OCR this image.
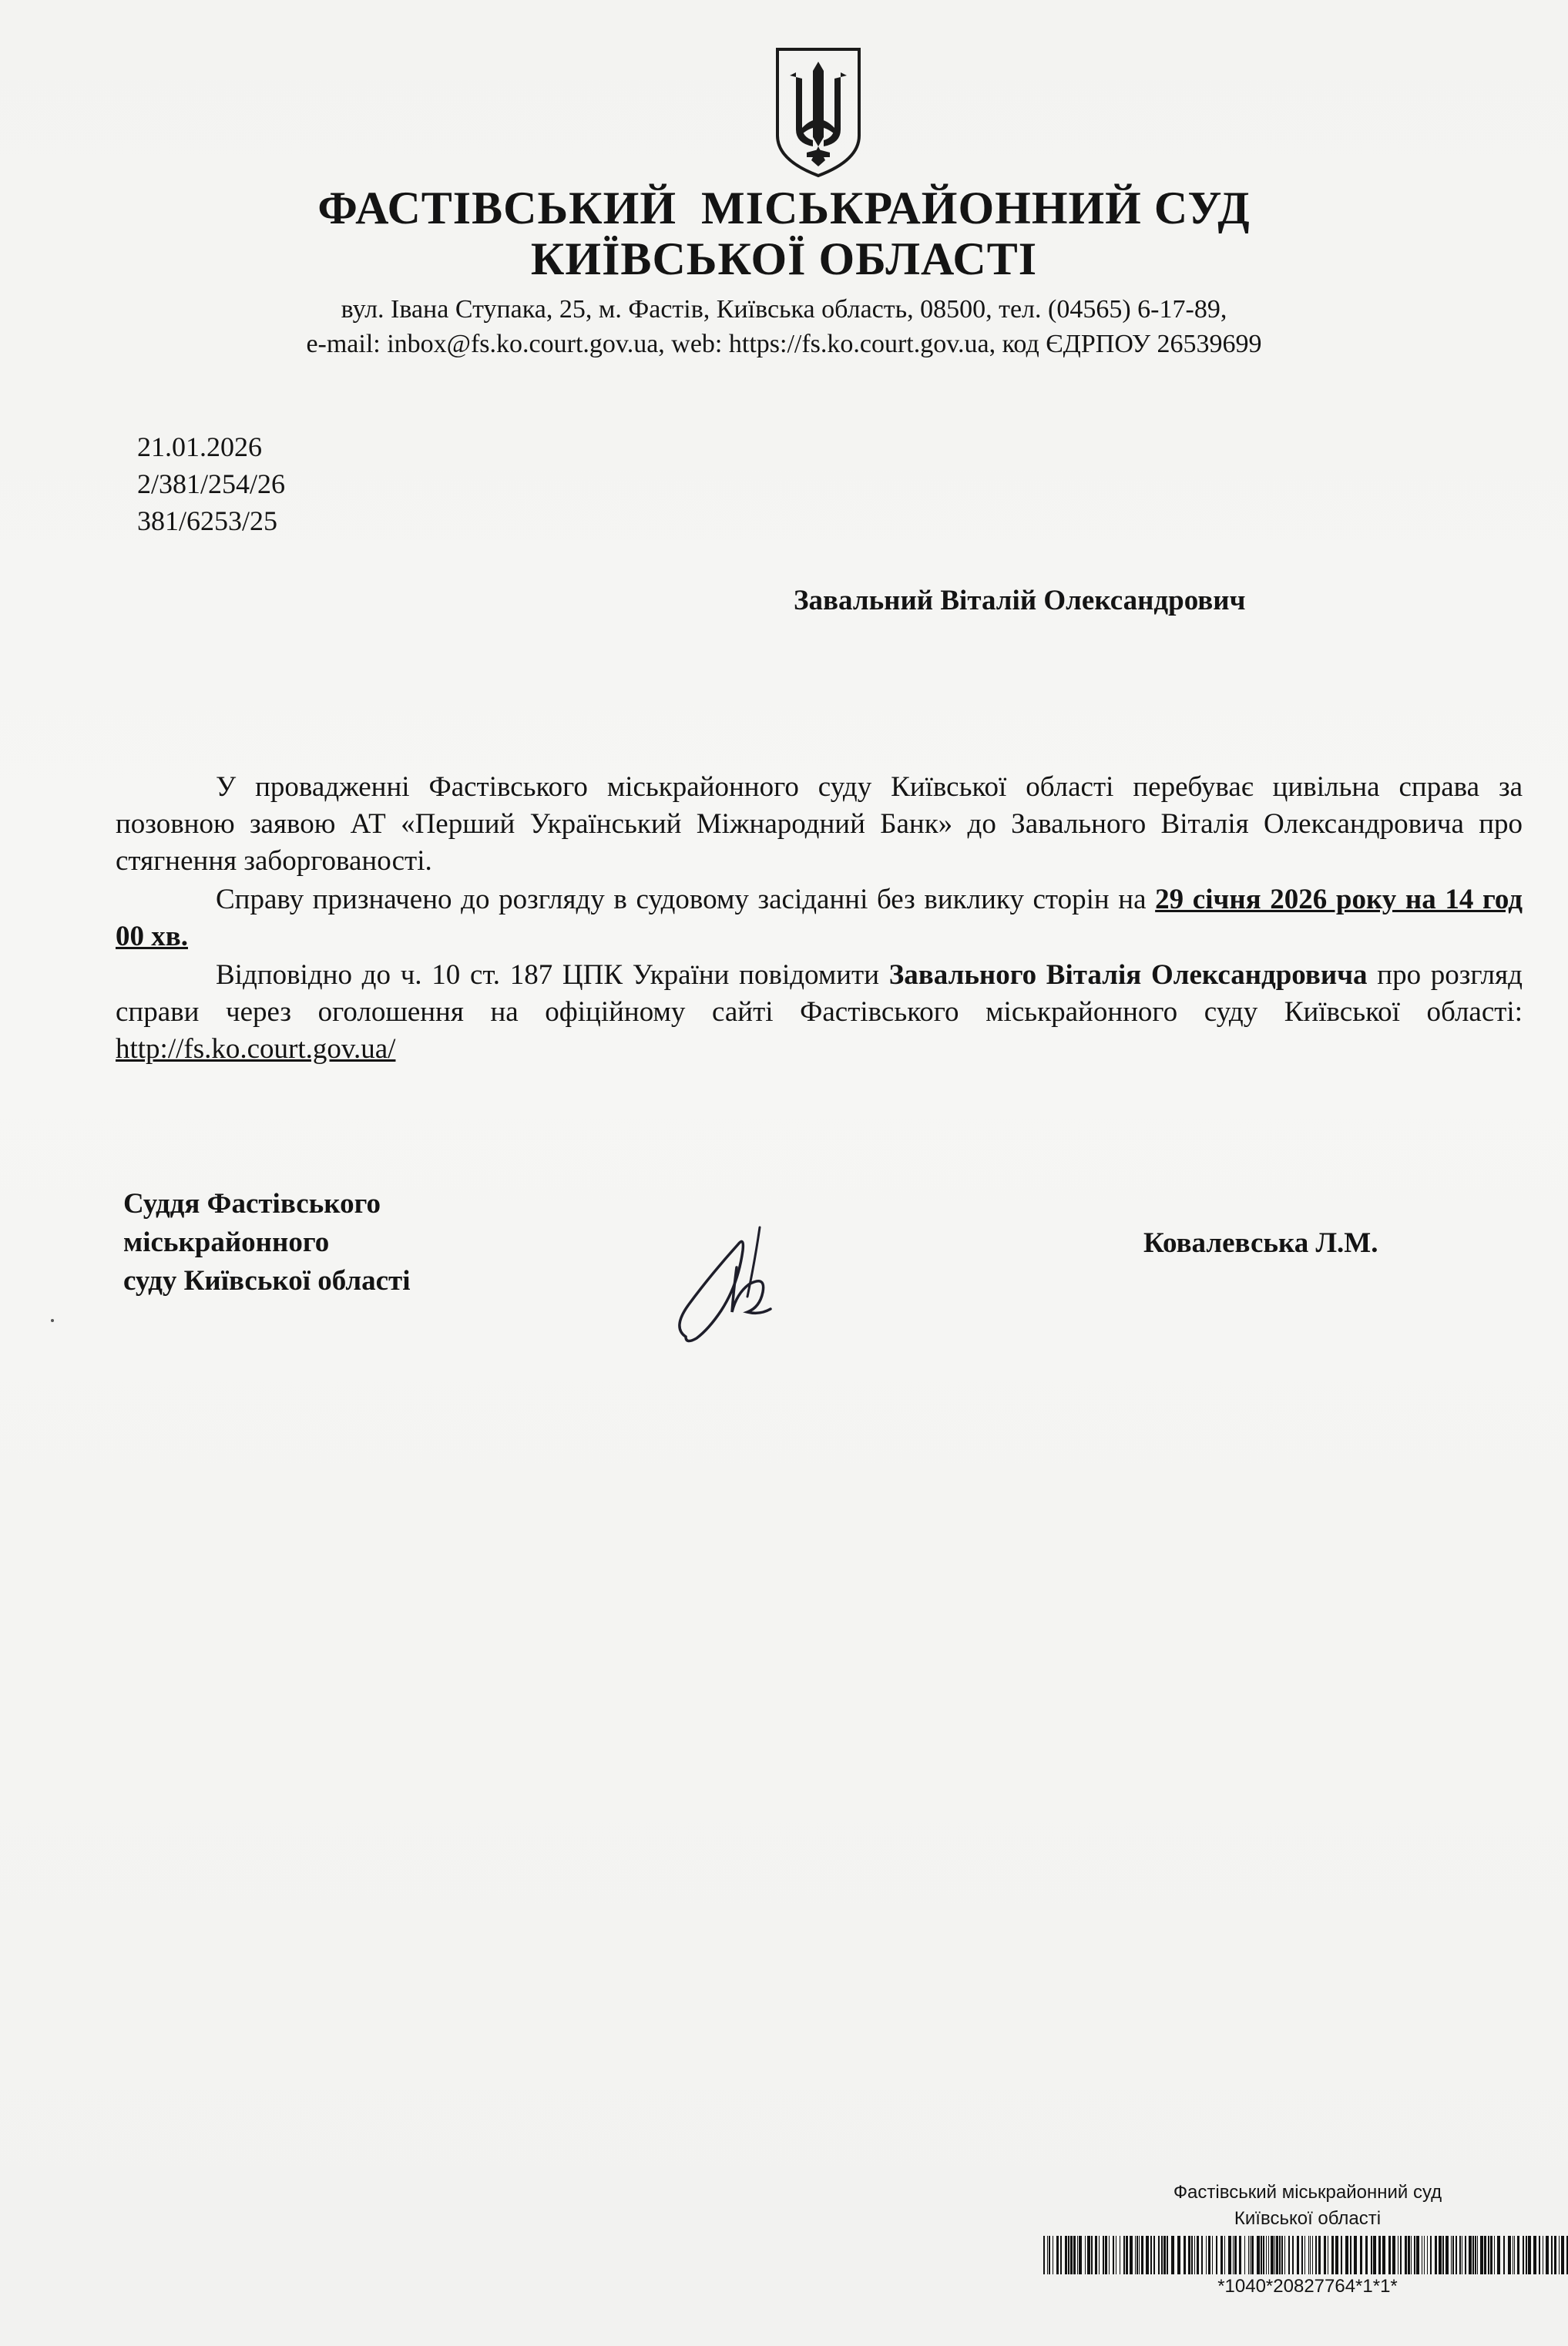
ФАСТІВСЬКИЙ  МІСЬКРАЙОННИЙ СУД
КИЇВСЬКОЇ ОБЛАСТІ
вул. Івана Ступака, 25, м. Фастів, Київська область, 08500, тел. (04565) 6-17-89,
e-mail: inbox@fs.ko.court.gov.ua, web: https://fs.ko.court.gov.ua, код ЄДРПОУ 26539699
21.01.2026
2/381/254/26
381/6253/25
Завальний Віталій Олександрович

У провадженні Фастівського міськрайонного суду Київської області перебуває цивільна справа за позовною заявою АТ «Перший Український Міжнародний Банк» до Завального Віталія Олександровича про стягнення заборгованості.

Справу призначено до розгляду в судовому засіданні без виклику сторін на 29 січня 2026 року на 14 год 00 хв.

Відповідно до ч. 10 ст. 187 ЦПК України повідомити Завального Віталія Олександровича про розгляд справи через оголошення на офіційному сайті Фастівського міськрайонного суду Київської області: http://fs.ko.court.gov.ua/

Суддя Фастівського
міськрайонного
суду Київської області
Ковалевська Л.М.
Фастівський міськрайонний суд
Київської області
*1040*20827764*1*1*
